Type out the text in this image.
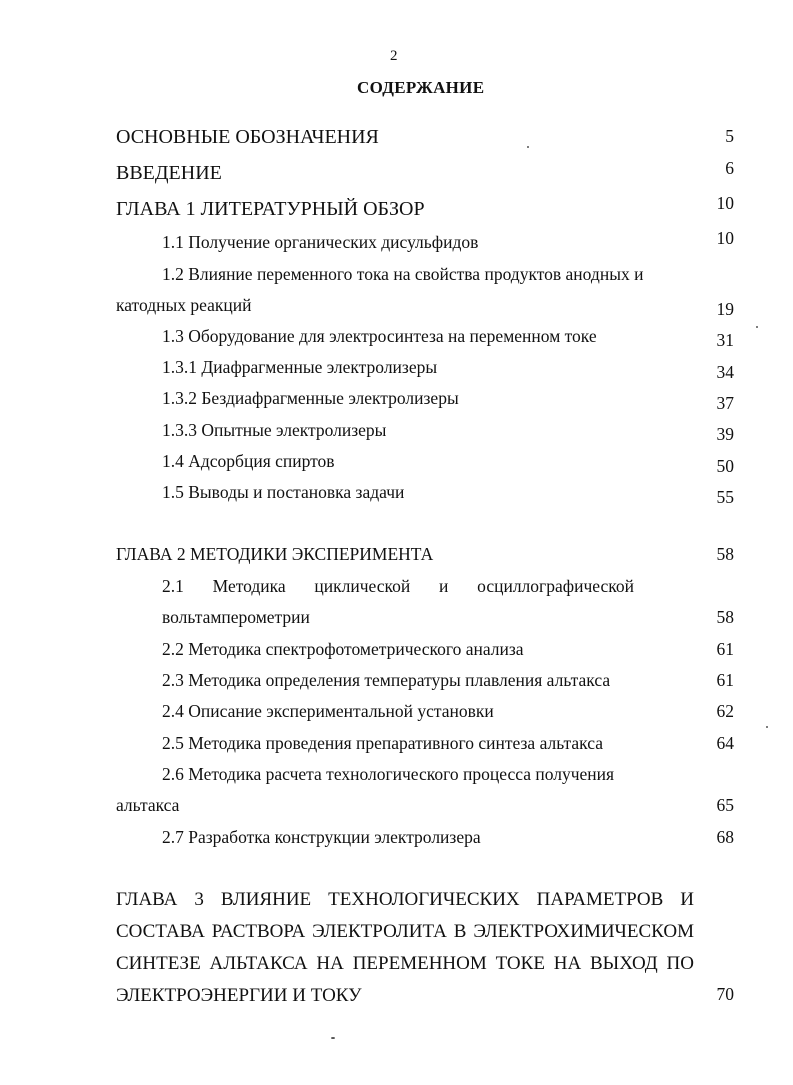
2
СОДЕРЖАНИЕ
ОСНОВНЫЕ ОБОЗНАЧЕНИЯ	5
ВВЕДЕНИЕ	6
ГЛАВА 1 ЛИТЕРАТУРНЫЙ ОБЗОР	10
1.1 Получение органических дисульфидов	10
1.2 Влияние переменного тока на свойства продуктов анодных и
катодных реакций	19
1.3 Оборудование для электросинтеза на переменном токе	31
1.3.1 Диафрагменные электролизеры	34
1.3.2 Бездиафрагменные электролизеры	37
1.3.3 Опытные электролизеры	39
1.4 Адсорбция спиртов	50
1.5 Выводы и постановка задачи	55
ГЛАВА 2 МЕТОДИКИ ЭКСПЕРИМЕНТА	58
2.1 Методика циклической и осциллографической
вольтамперометрии	58
2.2 Методика спектрофотометрического анализа	61
2.3 Методика определения температуры плавления альтакса	61
2.4 Описание экспериментальной установки	62
2.5 Методика проведения препаративного синтеза альтакса	64
2.6 Методика расчета технологического процесса получения
альтакса	65
2.7 Разработка конструкции электролизера	68
ГЛАВА 3 ВЛИЯНИЕ ТЕХНОЛОГИЧЕСКИХ ПАРАМЕТРОВ И
СОСТАВА РАСТВОРА ЭЛЕКТРОЛИТА В ЭЛЕКТРОХИМИЧЕСКОМ
СИНТЕЗЕ АЛЬТАКСА НА ПЕРЕМЕННОМ ТОКЕ НА ВЫХОД ПО
ЭЛЕКТРОЭНЕРГИИ И ТОКУ	70
